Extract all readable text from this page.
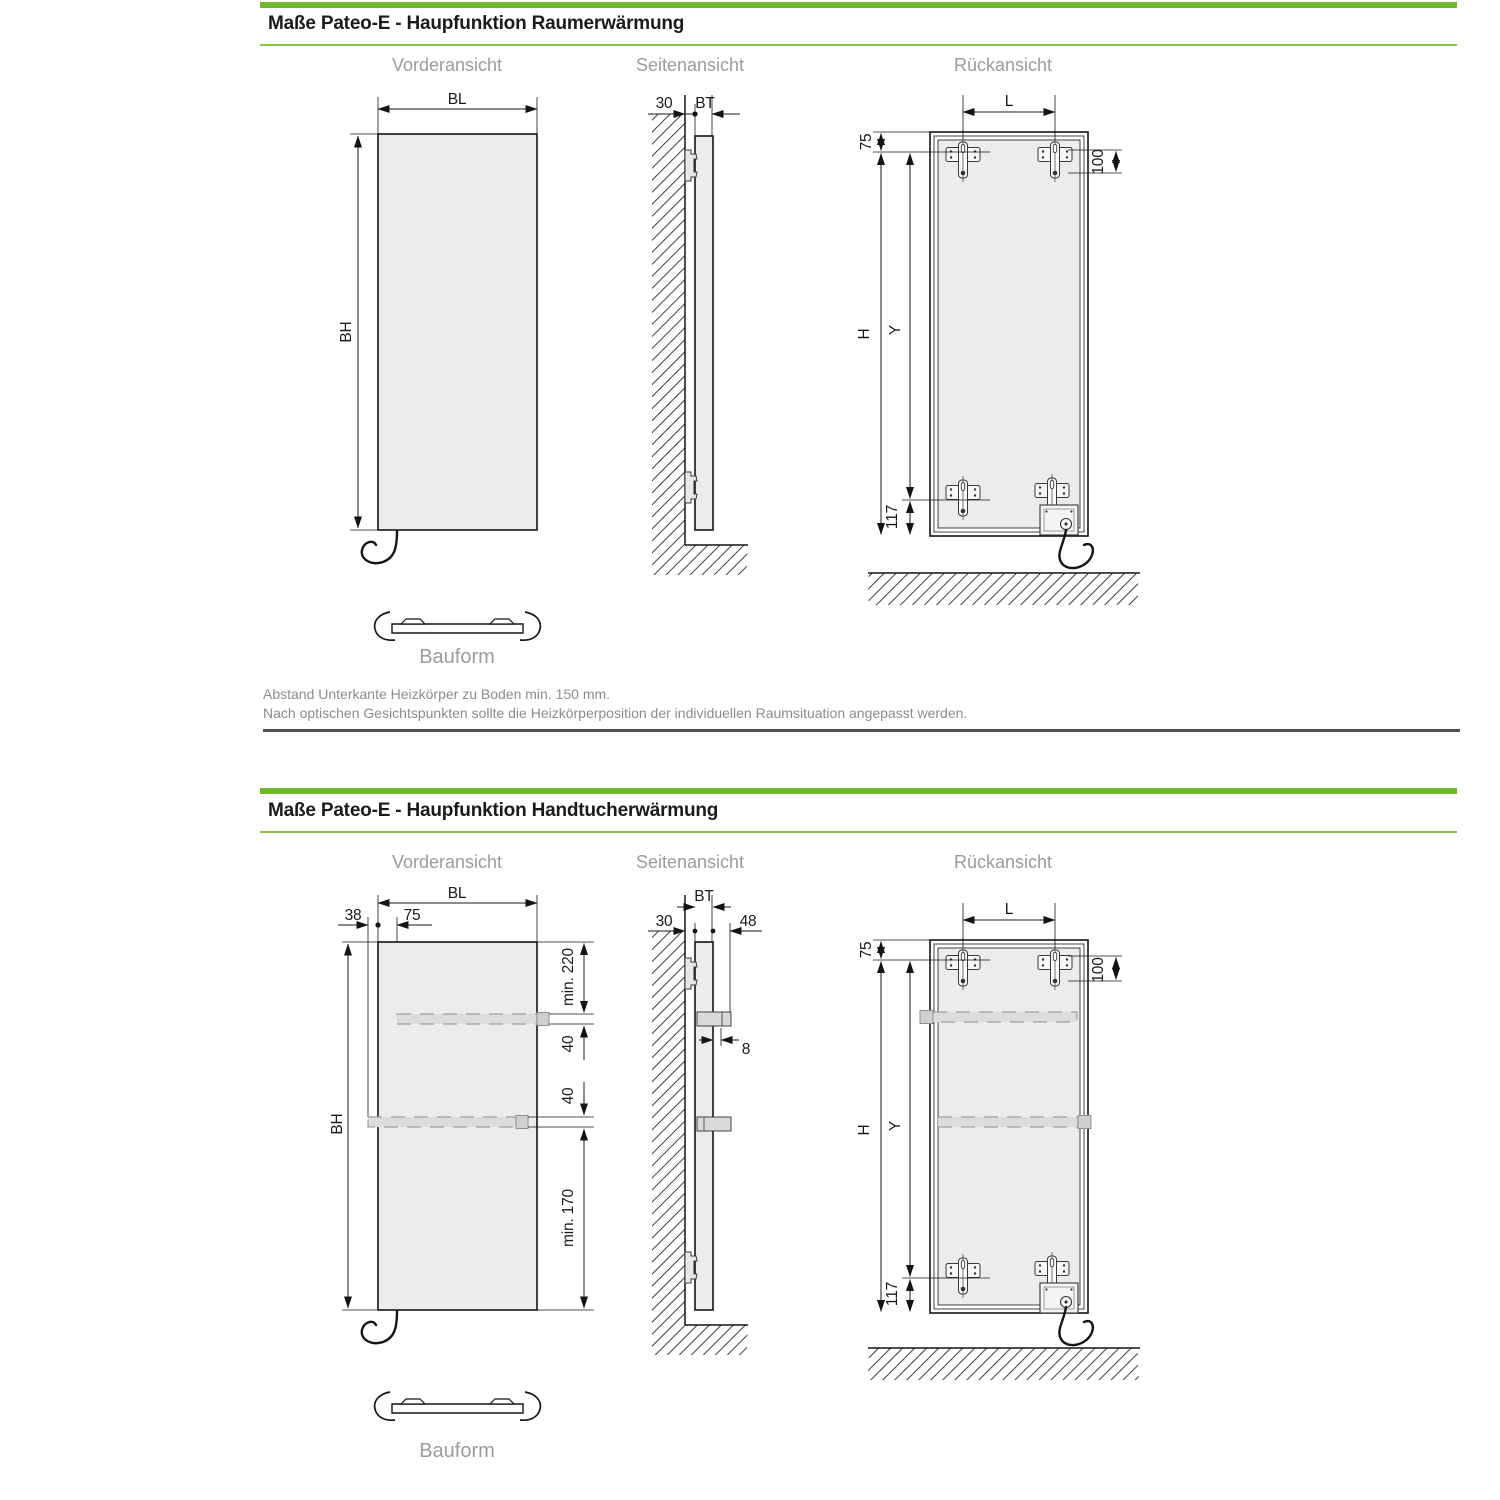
Maße Pateo-E - Haupfunktion Raumerwärmung
Vorderansicht	Seitenansicht	Rückansicht
BL
BH
30 BT	L
75
100
H Y
117
Bauform
Abstand Unterkante Heizkörper zu Boden min. 150 mm.
Nach optischen Gesichtspunkten sollte die Heizkörperposition der individuellen Raumsituation angepasst werden.
Maße Pateo-E - Haupfunktion Handtucherwärmung
Vorderansicht	Seitenansicht	Rückansicht
BL
38	75
BH
min. 220
40
40
min. 170
BT
30	48
8
L
75
100
H Y
117
Bauform
